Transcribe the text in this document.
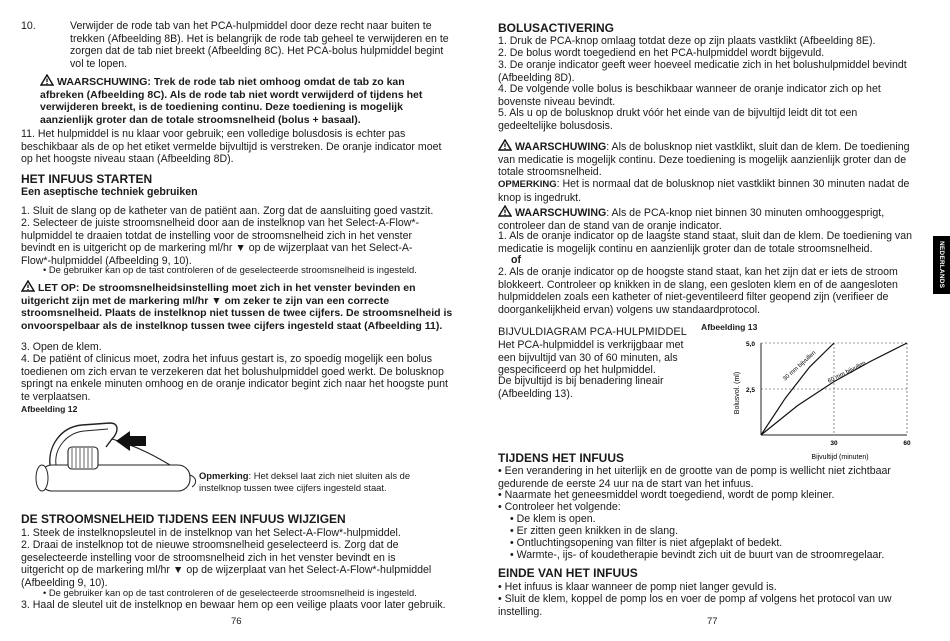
10.	Verwijder de rode tab van het PCA-hulpmiddel door deze recht naar buiten te trekken (Afbeelding 8B). Het is belangrijk de rode tab geheel te verwijderen en te zorgen dat de tab niet breekt (Afbeelding 8C). Het PCA-bolus hulpmiddel begint vol te lopen.

WAARSCHUWING: Trek de rode tab niet omhoog omdat de tab zo kan afbreken (Afbeelding 8C). Als de rode tab niet wordt verwijderd of tijdens het verwijderen breekt, is de toediening continu. Deze toediening is mogelijk aanzienlijk groter dan de totale stroomsnelheid (bolus + basaal).

11. Het hulpmiddel is nu klaar voor gebruik; een volledige bolusdosis is echter pas beschikbaar als de op het etiket vermelde bijvultijd is verstreken. De oranje indicator moet op het hoogste niveau staan (Afbeelding 8D).

HET INFUUS STARTEN

Een aseptische techniek gebruiken

1. Sluit de slang op de katheter van de patiënt aan. Zorg dat de aansluiting goed vastzit.

2. Selecteer de juiste stroomsnelheid door aan de instelknop van het Select-A-Flow*-hulpmiddel te draaien totdat de instelling voor de stroomsnelheid zich in het venster bevindt en is uitgericht op de markering ml/hr ▼ op de wijzerplaat van het Select-A-Flow*-hulpmiddel (Afbeelding 9, 10).

• De gebruiker kan op de tast controleren of de geselecteerde stroomsnelheid is ingesteld.

LET OP: De stroomsnelheidsinstelling moet zich in het venster bevinden en uitgericht zijn met de markering ml/hr ▼ om zeker te zijn van een correcte stroomsnelheid. Plaats de instelknop niet tussen de twee cijfers. De stroomsnelheid is onvoorspelbaar als de instelknop tussen twee cijfers ingesteld staat (Afbeelding 11).

3. Open de klem.

4. De patiënt of clinicus moet, zodra het infuus gestart is, zo spoedig mogelijk een bolus toedienen om zich ervan te verzekeren dat het bolushulpmiddel goed werkt. De bolusknop springt na enkele minuten omhoog en de oranje indicator begint zich naar het hoogste punt te verplaatsen.

Afbeelding 12

Opmerking: Het deksel laat zich niet sluiten als de instelknop tussen twee cijfers ingesteld staat.

DE STROOMSNELHEID TIJDENS EEN INFUUS WIJZIGEN

1. Steek de instelknopsleutel in de instelknop van het Select-A-Flow*-hulpmiddel.

2. Draai de instelknop tot de nieuwe stroomsnelheid geselecteerd is. Zorg dat de geselecteerde instelling voor de stroomsnelheid zich in het venster bevindt en is uitgericht op de markering ml/hr ▼ op de wijzerplaat van het Select-A-Flow*-hulpmiddel (Afbeelding 9, 10).

• De gebruiker kan op de tast controleren of de geselecteerde stroomsnelheid is ingesteld.

3. Haal de sleutel uit de instelknop en bewaar hem op een veilige plaats voor later gebruik.

76
BOLUSACTIVERING

1. Druk de PCA-knop omlaag totdat deze op zijn plaats vastklikt (Afbeelding 8E).

2. De bolus wordt toegediend en het PCA-hulpmiddel wordt bijgevuld.

3. De oranje indicator geeft weer hoeveel medicatie zich in het bolushulpmiddel bevindt (Afbeelding 8D).

4. De volgende volle bolus is beschikbaar wanneer de oranje indicator zich op het bovenste niveau bevindt.

5. Als u op de bolusknop drukt vóór het einde van de bijvultijd leidt dit tot een gedeeltelijke bolusdosis.

WAARSCHUWING: Als de bolusknop niet vastklikt, sluit dan de klem. De toediening van medicatie is mogelijk continu. Deze toediening is mogelijk aanzienlijk groter dan de totale stroomsnelheid.

OPMERKING: Het is normaal dat de bolusknop niet vastklikt binnen 30 minuten nadat de knop is ingedrukt.

WAARSCHUWING: Als de PCA-knop niet binnen 30 minuten omhooggesprigt, controleer dan de stand van de oranje indicator.

1. Als de oranje indicator op de laagste stand staat, sluit dan de klem. De toediening van medicatie is mogelijk continu en aanzienlijk groter dan de totale stroomsnelheid.

of

2. Als de oranje indicator op de hoogste stand staat, kan het zijn dat er iets de stroom blokkeert. Controleer op knikken in de slang, een gesloten klem en of de aangesloten hulpmiddelen zoals een katheter of niet-geventileerd filter geopend zijn (verifieer de doorgankelijkheid ervan) volgens uw standaardprotocol.

BIJVULDIAGRAM PCA-HULPMIDDEL

Het PCA-hulpmiddel is verkrijgbaar met een bijvultijd van 30 of 60 minuten, als gespecificeerd op het hulpmiddel.

De bijvultijd is bij benadering lineair (Afbeelding 13).

Afbeelding 13
5,0
2,5
30	60
Bijvultijd (minuten)
Bolusvol. (ml)
30 mm bijvullen 60 mm bijvullen
TIJDENS HET INFUUS

• Een verandering in het uiterlijk en de grootte van de pomp is wellicht niet zichtbaar gedurende de eerste 24 uur na de start van het infuus.

• Naarmate het geneesmiddel wordt toegediend, wordt de pomp kleiner.

• Controleer het volgende:

• De klem is open.

• Er zitten geen knikken in de slang.

• Ontluchtingsopening van filter is niet afgeplakt of bedekt.

• Warmte-, ijs- of koudetherapie bevindt zich uit de buurt van de stroomregelaar.

EINDE VAN HET INFUUS

• Het infuus is klaar wanneer de pomp niet langer gevuld is.

• Sluit de klem, koppel de pomp los en voer de pomp af volgens het protocol van uw instelling.

77
NEDERLANDS
